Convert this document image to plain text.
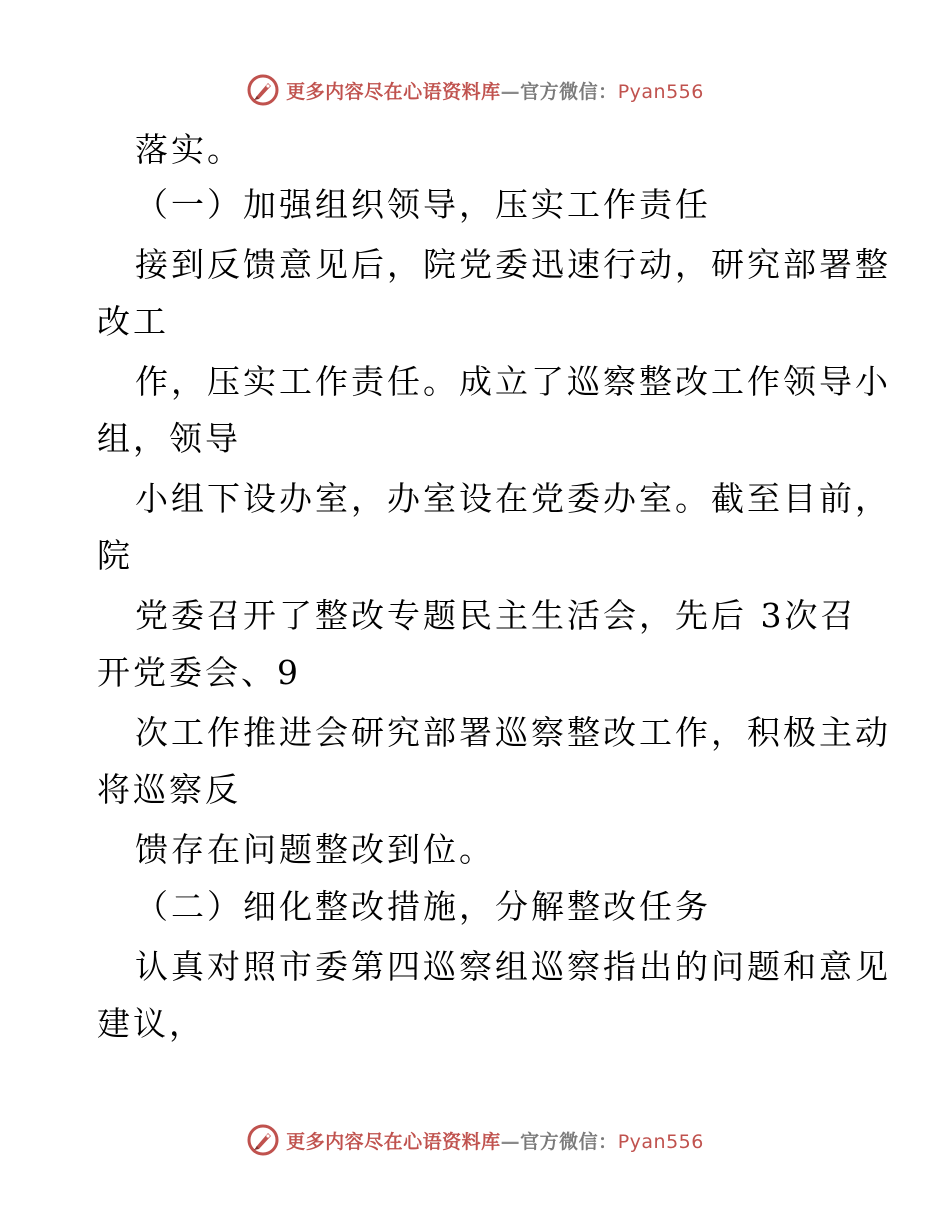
更多内容尽在心语资料库—官方微信：Pyan556
落实。
（一）加强组织领导，压实工作责任
接到反馈意见后，院党委迅速行动，研究部署整
改工
作，压实工作责任。成立了巡察整改工作领导小
组，领导
小组下设办室，办室设在党委办室。截至目前，
院
党委召开了整改专题民主生活会，先后 3次召
开党委会、9
次工作推进会研究部署巡察整改工作，积极主动
将巡察反
馈存在问题整改到位。
（二）细化整改措施，分解整改任务
认真对照市委第四巡察组巡察指出的问题和意见
建议，
更多内容尽在心语资料库—官方微信：Pyan556
